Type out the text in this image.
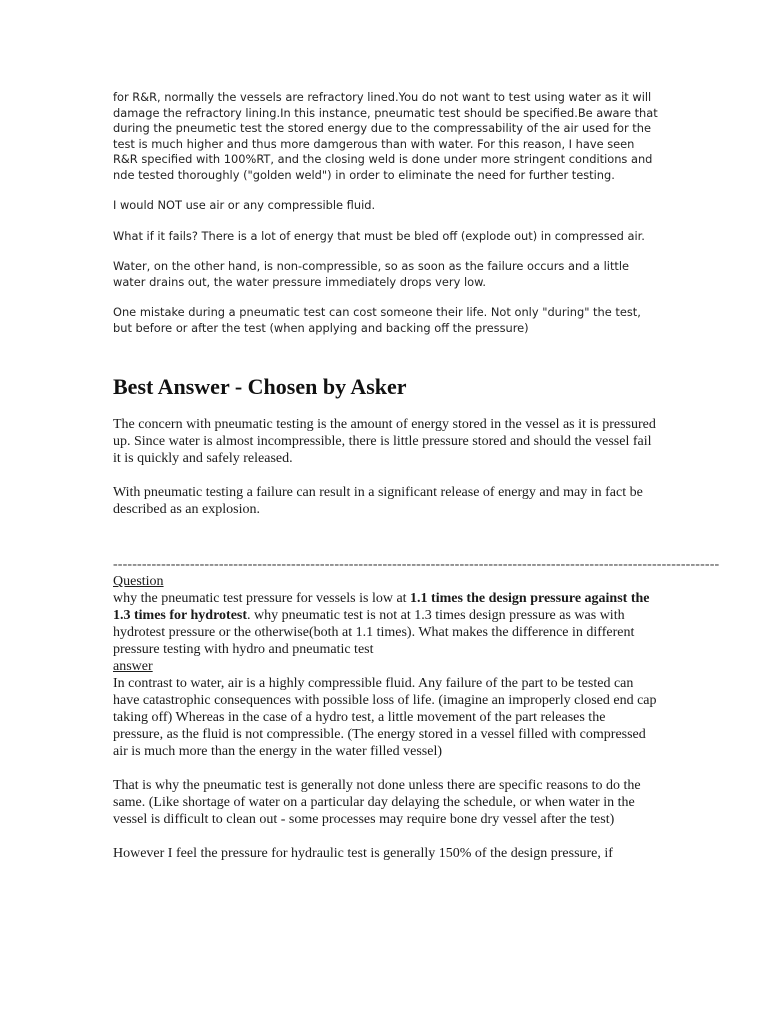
for R&R, normally the vessels are refractory lined.You do not want to test using water as it will damage the refractory lining.In this instance, pneumatic test should be specified.Be aware that during the pneumetic test the stored energy due to the compressability of the air used for the test is much higher and thus more damgerous than with water. For this reason, I have seen R&R specified with 100%RT, and the closing weld is done under more stringent conditions and nde tested thoroughly ("golden weld") in order to eliminate the need for further testing.

I would NOT use air or any compressible fluid.

What if it fails? There is a lot of energy that must be bled off (explode out) in compressed air.

Water, on the other hand, is non-compressible, so as soon as the failure occurs and a little water drains out, the water pressure immediately drops very low.

One mistake during a pneumatic test can cost someone their life. Not only "during" the test, but before or after the test (when applying and backing off the pressure)

Best Answer - Chosen by Asker

The concern with pneumatic testing is the amount of energy stored in the vessel as it is pressured up. Since water is almost incompressible, there is little pressure stored and should the vessel fail it is quickly and safely released.

With pneumatic testing a failure can result in a significant release of energy and may in fact be described as an explosion.

------------------------------------------------------------------------------------------------------------------------------
Question

why the pneumatic test pressure for vessels is low at 1.1 times the design pressure against the 1.3 times for hydrotest. why pneumatic test is not at 1.3 times design pressure as was with hydrotest pressure or the otherwise(both at 1.1 times). What makes the difference in different pressure testing with hydro and pneumatic test

answer

In contrast to water, air is a highly compressible fluid. Any failure of the part to be tested can have catastrophic consequences with possible loss of life. (imagine an improperly closed end cap taking off) Whereas in the case of a hydro test, a little movement of the part releases the pressure, as the fluid is not compressible. (The energy stored in a vessel filled with compressed air is much more than the energy in the water filled vessel)

That is why the pneumatic test is generally not done unless there are specific reasons to do the same. (Like shortage of water on a particular day delaying the schedule, or when water in the vessel is difficult to clean out - some processes may require bone dry vessel after the test)

However I feel the pressure for hydraulic test is generally 150% of the design pressure, if
